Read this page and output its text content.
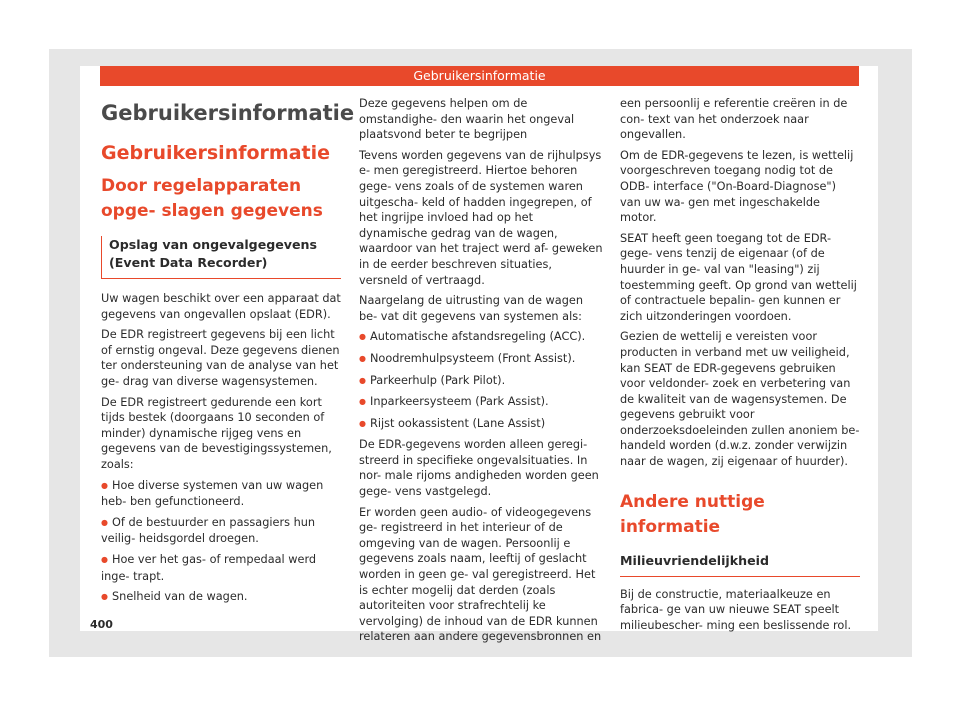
Gebruikersinformatie
Gebruikersinformatie
Gebruikersinformatie
Door regelapparaten opge- slagen gegevens
Opslag van ongevalgegevens (Event Data Recorder)

Uw wagen beschikt over een apparaat dat gegevens van ongevallen opslaat (EDR).

De EDR registreert gegevens bij een licht of ernstig ongeval. Deze gegevens dienen ter ondersteuning van de analyse van het ge- drag van diverse wagensystemen.

De EDR registreert gedurende een kort tijds bestek (doorgaans 10 seconden of minder) dynamische rijgeg vens en gegevens van de bevestigingssystemen, zoals:

● Hoe diverse systemen van uw wagen heb- ben gefunctioneerd.

● Of de bestuurder en passagiers hun veilig- heidsgordel droegen.

● Hoe ver het gas- of rempedaal werd inge- trapt.

● Snelheid van de wagen.

Deze gegevens helpen om de omstandighe- den waarin het ongeval plaatsvond beter te begrijpen

Tevens worden gegevens van de rijhulpsys e- men geregistreerd. Hiertoe behoren gege- vens zoals of de systemen waren uitgescha- keld of hadden ingegrepen, of het ingrijpe invloed had op het dynamische gedrag van de wagen, waardoor van het traject werd af- geweken in de eerder beschreven situaties, versneld of vertraagd.

Naargelang de uitrusting van de wagen be- vat dit gegevens van systemen als:

● Automatische afstandsregeling (ACC).

● Noodremhulpsysteem (Front Assist).

● Parkeerhulp (Park Pilot).

● Inparkeersysteem (Park Assist).

● Rijst ookassistent (Lane Assist)

De EDR-gegevens worden alleen geregi- streerd in specifieke ongevalsituaties. In nor- male rijoms andigheden worden geen gege- vens vastgelegd.

Er worden geen audio- of videogegevens ge- registreerd in het interieur of de omgeving van de wagen. Persoonlij e gegevens zoals naam, leeftij of geslacht worden in geen ge- val geregistreerd. Het is echter mogelij dat derden (zoals autoriteiten voor strafrechtelij ke vervolging) de inhoud van de EDR kunnen relateren aan andere gegevensbronnen en

een persoonlij e referentie creëren in de con- text van het onderzoek naar ongevallen.

Om de EDR-gegevens te lezen, is wettelij voorgeschreven toegang nodig tot de ODB- interface ("On-Board-Diagnose") van uw wa- gen met ingeschakelde motor.

SEAT heeft geen toegang tot de EDR-gege- vens tenzij de eigenaar (of de huurder in ge- val van "leasing") zij toestemming geeft. Op grond van wettelij of contractuele bepalin- gen kunnen er zich uitzonderingen voordoen.

Gezien de wettelij e vereisten voor producten in verband met uw veiligheid, kan SEAT de EDR-gegevens gebruiken voor veldonder- zoek en verbetering van de kwaliteit van de wagensystemen. De gegevens gebruikt voor onderzoeksdoeleinden zullen anoniem be- handeld worden (d.w.z. zonder verwijzin naar de wagen, zij eigenaar of huurder).

Andere nuttige informatie
Milieuvriendelijkheid

Bij de constructie, materiaalkeuze en fabrica- ge van uw nieuwe SEAT speelt milieubescher- ming een beslissende rol.

400
